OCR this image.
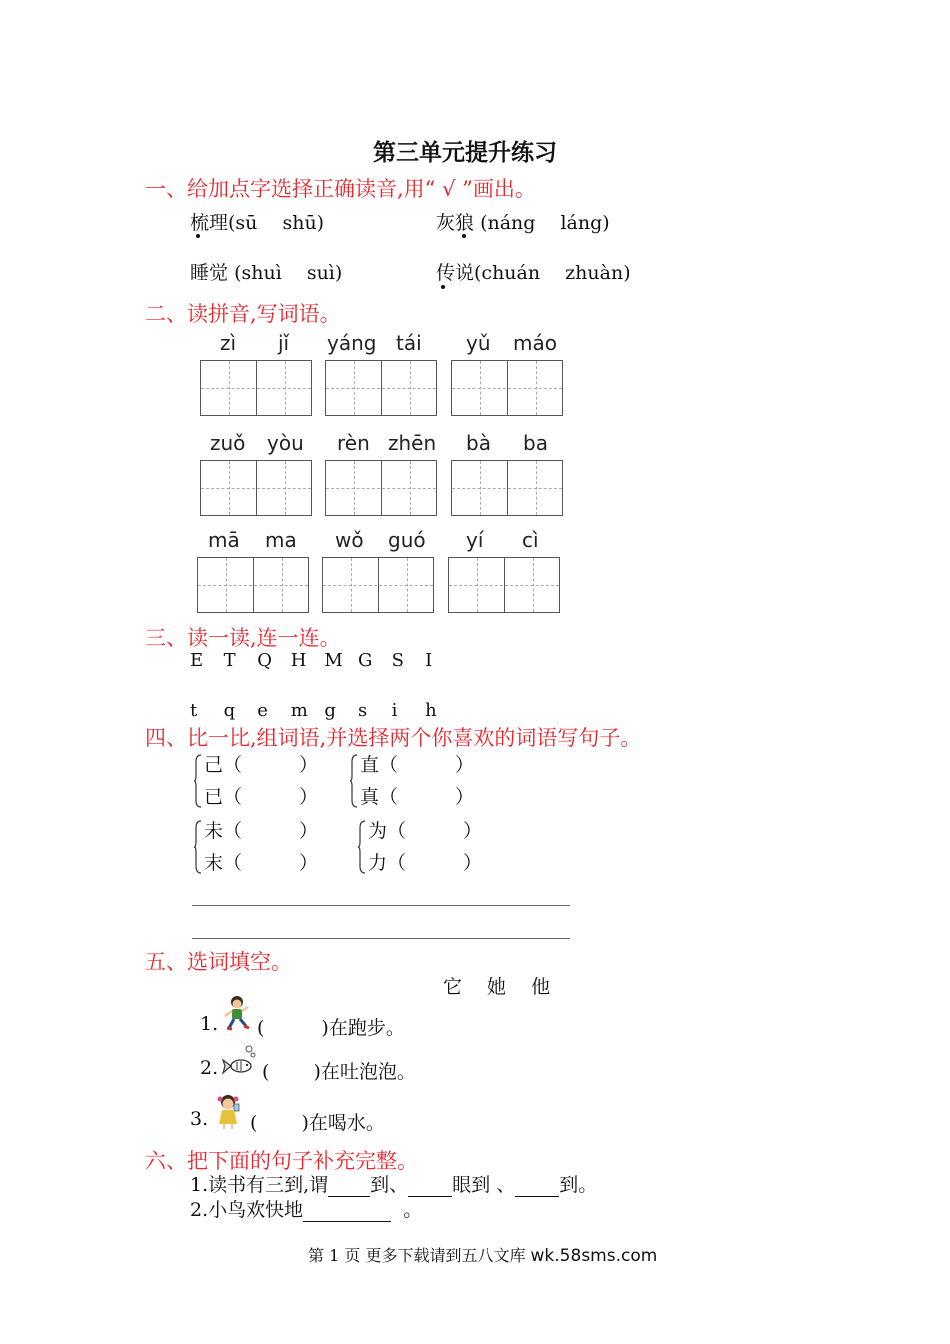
第三单元提升练习
一、给加点字选择正确读音,用“ √ ”画出。
梳理(sū　 shū)	灰狼 (náng　 láng)
睡觉 (shuì　 suì)	传说(chuán　 zhuàn)
二、读拼音,写词语。
zì jǐ yáng tái yǔ máo
zuǒ yòu rèn zhēn bà ba
mā ma wǒ guó yí cì
三、读一读,连一连。
E T Q H M G S I
t q e m g s i h
四、比一比,组词语,并选择两个你喜欢的词语写句子。
己（　　　）
已（　　　）
直（　　　）
真（　　　）
未（　　　）
末（　　　）
为（　　　）
力（　　　）
五、选词填空。
它　 她　 他
1. (　　　)在跑步。
2. (　　 )在吐泡泡。
3. (　　 )在喝水。
六、把下面的句子补充完整。
1.读书有三到,谓 到、 眼到 、 到。
2.小鸟欢快地	。
第 1 页 更多下载请到五八文库 wk.58sms.com
